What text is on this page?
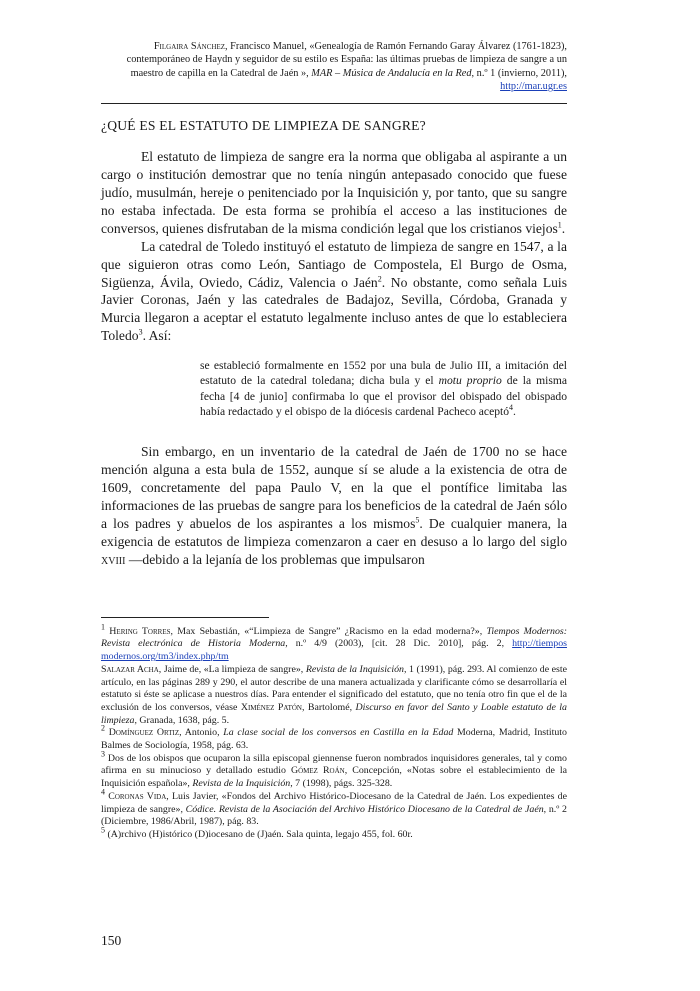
Filgaira Sánchez, Francisco Manuel, «Genealogía de Ramón Fernando Garay Álvarez (1761-1823), contemporáneo de Haydn y seguidor de su estilo es España: las últimas pruebas de limpieza de sangre a un maestro de capilla en la Catedral de Jaén », MAR – Música de Andalucía en la Red, n.º 1 (invierno, 2011), http://mar.ugr.es
¿QUÉ ES EL ESTATUTO DE LIMPIEZA DE SANGRE?

El estatuto de limpieza de sangre era la norma que obligaba al aspirante a un cargo o institución demostrar que no tenía ningún antepasado conocido que fuese judío, musulmán, hereje o penitenciado por la Inquisición y, por tanto, que su sangre no estaba infectada. De esta forma se prohibía el acceso a las instituciones de conversos, quienes disfrutaban de la misma condición legal que los cristianos viejos$^1$.

La catedral de Toledo instituyó el estatuto de limpieza de sangre en 1547, a la que siguieron otras como León, Santiago de Compostela, El Burgo de Osma, Sigüenza, Ávila, Oviedo, Cádiz, Valencia o Jaén$^2$. No obstante, como señala Luis Javier Coronas, Jaén y las catedrales de Badajoz, Sevilla, Córdoba, Granada y Murcia llegaron a aceptar el estatuto legalmente incluso antes de que lo estableciera Toledo$^3$. Así:

se estableció formalmente en 1552 por una bula de Julio III, a imitación del estatuto de la catedral toledana; dicha bula y el motu proprio de la misma fecha [4 de junio] confirmaba lo que el provisor del obispado del obispado había redactado y el obispo de la diócesis cardenal Pacheco aceptó$^4$.

Sin embargo, en un inventario de la catedral de Jaén de 1700 no se hace mención alguna a esta bula de 1552, aunque sí se alude a la existencia de otra de 1609, concretamente del papa Paulo V, en la que el pontífice limitaba las informaciones de las pruebas de sangre para los beneficios de la catedral de Jaén sólo a los padres y abuelos de los aspirantes a los mismos$^5$. De cualquier manera, la exigencia de estatutos de limpieza comenzaron a caer en desuso a lo largo del siglo xviii —debido a la lejanía de los problemas que impulsaron

$^1$ Hering Torres, Max Sebastián, «“Limpieza de Sangre” ¿Racismo en la edad moderna?», Tiempos Modernos: Revista electrónica de Historia Moderna, n.º 4/9 (2003), [cit. 28 Dic. 2010], pág. 2, http://tiempos modernos.org/tm3/index.php/tm

Salazar Acha, Jaime de, «La limpieza de sangre», Revista de la Inquisición, 1 (1991), pág. 293. Al comienzo de este artículo, en las páginas 289 y 290, el autor describe de una manera actualizada y clarificante cómo se desarrollaría el estatuto si éste se aplicase a nuestros días. Para entender el significado del estatuto, que no tenía otro fin que el de la exclusión de los conversos, véase Ximénez Patón, Bartolomé, Discurso en favor del Santo y Loable estatuto de la limpieza, Granada, 1638, pág. 5.

$^2$ Domínguez Ortiz, Antonio, La clase social de los conversos en Castilla en la Edad Moderna, Madrid, Instituto Balmes de Sociología, 1958, pág. 63.

$^3$ Dos de los obispos que ocuparon la silla episcopal giennense fueron nombrados inquisidores generales, tal y como afirma en su minucioso y detallado estudio Gómez Roán, Concepción, «Notas sobre el establecimiento de la Inquisición española», Revista de la Inquisición, 7 (1998), págs. 325-328.

$^4$ Coronas Vida, Luis Javier, «Fondos del Archivo Histórico-Diocesano de la Catedral de Jaén. Los expedientes de limpieza de sangre», Códice. Revista de la Asociación del Archivo Histórico Diocesano de la Catedral de Jaén, n.º 2 (Diciembre, 1986/Abril, 1987), pág. 83.

$^5$ (A)rchivo (H)istórico (D)iocesano de (J)aén. Sala quinta, legajo 455, fol. 60r.

150
